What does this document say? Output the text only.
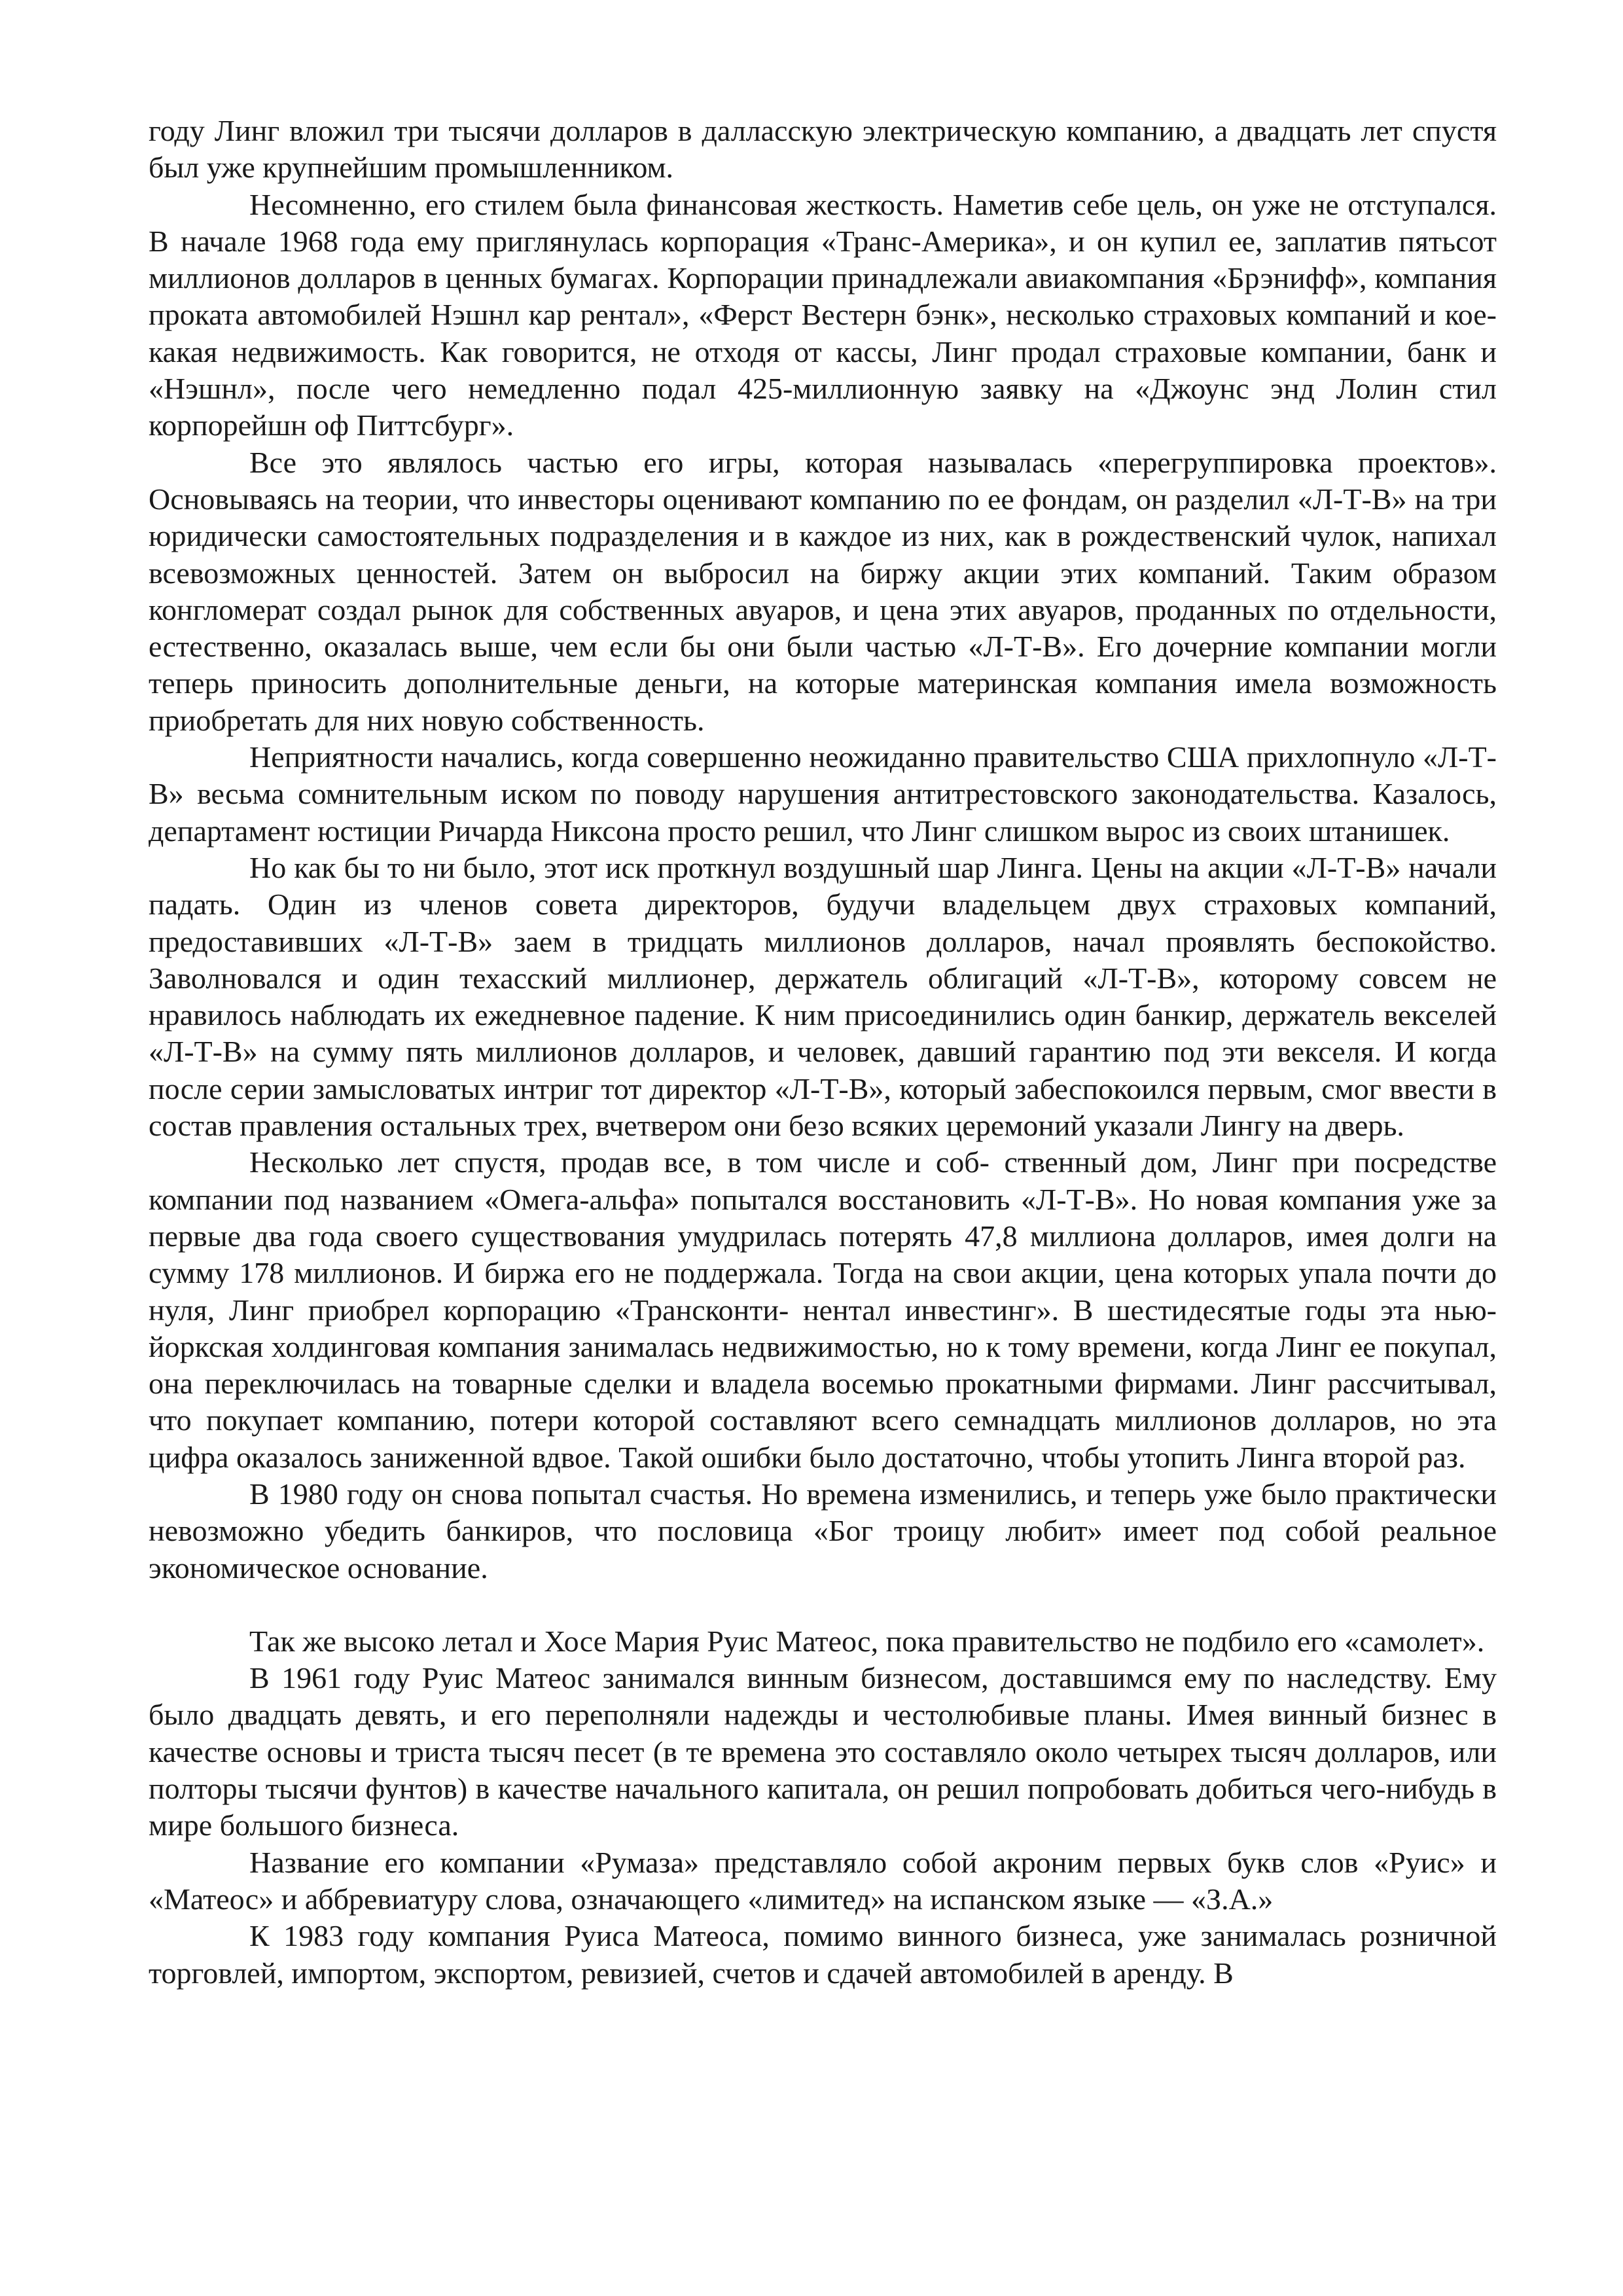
году Линг вложил три тысячи долларов в далласскую электрическую компанию, а двадцать лет спустя был уже крупнейшим промышленником.

Несомненно, его стилем была финансовая жесткость. Наметив себе цель, он уже не отступался. В начале 1968 года ему приглянулась корпорация «Транс-Америка», и он купил ее, заплатив пятьсот миллионов долларов в ценных бумагах. Корпорации принадлежали авиакомпания «Брэнифф», компания проката автомобилей Нэшнл кар рентал», «Ферст Вестерн бэнк», несколько страховых компаний и кое-какая недвижимость. Как говорится, не отходя от кассы, Линг продал страховые компании, банк и «Нэшнл», после чего немедленно подал 425-миллионную заявку на «Джоунс энд Лолин стил корпорейшн оф Питтсбург».

Все это являлось частью его игры, которая называлась «перегруппировка проектов». Основываясь на теории, что инвесторы оценивают компанию по ее фондам, он разделил «Л-Т-В» на три юридически самостоятельных подразделения и в каждое из них, как в рождественский чулок, напихал всевозможных ценностей. Затем он выбросил на биржу акции этих компаний. Таким образом конгломерат создал рынок для собственных авуаров, и цена этих авуаров, проданных по отдельности, естественно, оказалась выше, чем если бы они были частью «Л-Т-В». Его дочерние компании могли теперь приносить дополнительные деньги, на которые материнская компания имела возможность приобретать для них новую собственность.

Неприятности начались, когда совершенно неожиданно правительство США прихлопнуло «Л-Т-В» весьма сомнительным иском по поводу нарушения антитрестовского законодательства. Казалось, департамент юстиции Ричарда Никсона просто решил, что Линг слишком вырос из своих штанишек.

Но как бы то ни было, этот иск проткнул воздушный шар Линга. Цены на акции «Л-Т-В» начали падать. Один из членов совета директоров, будучи владельцем двух страховых компаний, предоставивших «Л-Т-В» заем в тридцать миллионов долларов, начал проявлять беспокойство. Заволновался и один техасский миллионер, держатель облигаций «Л-Т-В», которому совсем не нравилось наблюдать их ежедневное падение. К ним присоединились один банкир, держатель векселей «Л-Т-В» на сумму пять миллионов долларов, и человек, давший гарантию под эти векселя. И когда после серии замысловатых интриг тот директор «Л-Т-В», который забеспокоился первым, смог ввести в состав правления остальных трех, вчетвером они безо всяких церемоний указали Лингу на дверь.

Несколько лет спустя, продав все, в том числе и соб- ственный дом, Линг при посредстве компании под названием «Омега-альфа» попытался восстановить «Л-Т-В». Но новая компания уже за первые два года своего существования умудрилась потерять 47,8 миллиона долларов, имея долги на сумму 178 миллионов. И биржа его не поддержала. Тогда на свои акции, цена которых упала почти до нуля, Линг приобрел корпорацию «Трансконти- нентал инвестинг». В шестидесятые годы эта нью-йоркская холдинговая компания занималась недвижимостью, но к тому времени, когда Линг ее покупал, она переключилась на товарные сделки и владела восемью прокатными фирмами. Линг рассчитывал, что покупает компанию, потери которой составляют всего семнадцать миллионов долларов, но эта цифра оказалось заниженной вдвое. Такой ошибки было достаточно, чтобы утопить Линга второй раз.

В 1980 году он снова попытал счастья. Но времена изменились, и теперь уже было практически невозможно убедить банкиров, что пословица «Бог троицу любит» имеет под собой реальное экономическое основание.

Так же высоко летал и Хосе Мария Руис Матеос, пока правительство не подбило его «самолет».

В 1961 году Руис Матеос занимался винным бизнесом, доставшимся ему по наследству. Ему было двадцать девять, и его переполняли надежды и честолюбивые планы. Имея винный бизнес в качестве основы и триста тысяч песет (в те времена это составляло около четырех тысяч долларов, или полторы тысячи фунтов) в качестве начального капитала, он решил попробовать добиться чего-нибудь в мире большого бизнеса.

Название его компании «Румаза» представляло собой акроним первых букв слов «Руис» и «Матеос» и аббревиатуру слова, означающего «лимитед» на испанском языке — «З.А.»

К 1983 году компания Руиса Матеоса, помимо винного бизнеса, уже занималась розничной торговлей, импортом, экспортом, ревизией, счетов и сдачей автомобилей в аренду. В
